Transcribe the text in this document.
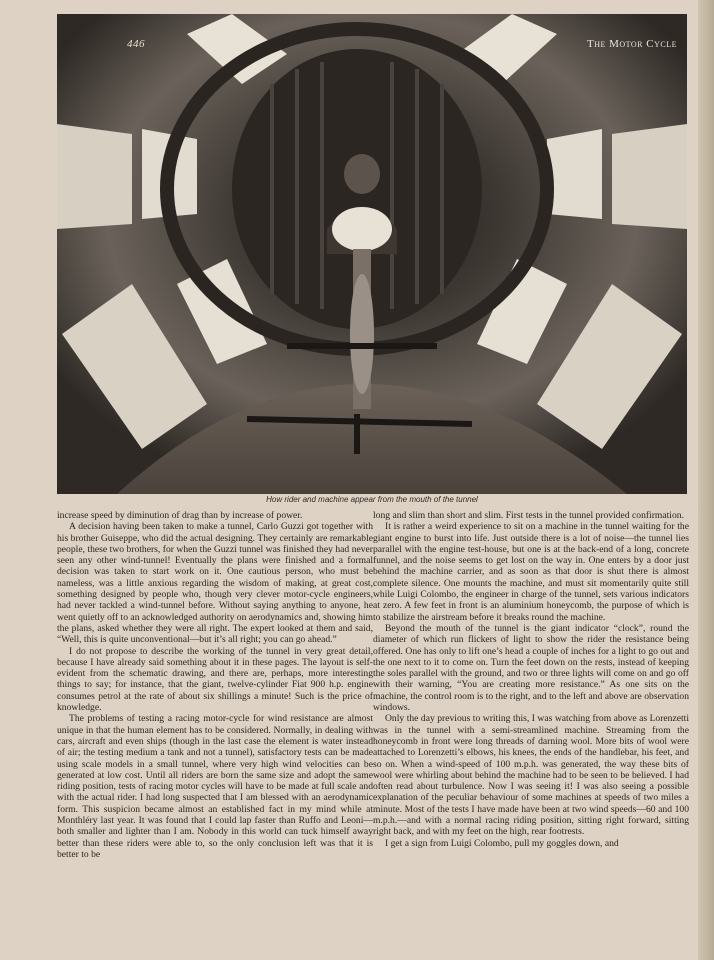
446	The Motor Cycle
How rider and machine appear from the mouth of the tunnel

increase speed by diminution of drag than by increase of power.

A decision having been taken to make a tunnel, Carlo Guzzi got together with his brother Guiseppe, who did the actual designing. They certainly are remarkable people, these two brothers, for when the Guzzi tunnel was finished they had never seen any other wind-tunnel! Eventually the plans were finished and a formal decision was taken to start work on it. One cautious person, who must be nameless, was a little anxious regarding the wisdom of making, at great cost, something designed by people who, though very clever motor-cycle engineers, had never tackled a wind-tunnel before. Without saying anything to anyone, he went quietly off to an acknowledged authority on aerodynamics and, showing him the plans, asked whether they were all right. The expert looked at them and said, “Well, this is quite unconventional—but it’s all right; you can go ahead.”

I do not propose to describe the working of the tunnel in very great detail, because I have already said something about it in these pages. The layout is self-evident from the schematic drawing, and there are, perhaps, more interesting things to say; for instance, that the giant, twelve-cylinder Fiat 900 h.p. engine consumes petrol at the rate of about six shillings a minute! Such is the price of knowledge.

The problems of testing a racing motor-cycle for wind resistance are almost unique in that the human element has to be considered. Normally, in dealing with cars, aircraft and even ships (though in the last case the element is water instead of air; the testing medium a tank and not a tunnel), satisfactory tests can be made using scale models in a small tunnel, where very high wind velocities can be generated at low cost. Until all riders are born the same size and adopt the same riding position, tests of racing motor cycles will have to be made at full scale and with the actual rider. I had long suspected that I am blessed with an aerodynamic form. This suspicion became almost an established fact in my mind while at Monthléry last year. It was found that I could lap faster than Ruffo and Leoni—both smaller and lighter than I am. Nobody in this world can tuck himself away better than these riders were able to, so the only conclusion left was that it is better to be

long and slim than short and slim. First tests in the tunnel provided confirmation.

It is rather a weird experience to sit on a machine in the tunnel waiting for the giant engine to burst into life. Just outside there is a lot of noise—the tunnel lies parallel with the engine test-house, but one is at the back-end of a long, concrete funnel, and the noise seems to get lost on the way in. One enters by a door just behind the machine carrier, and as soon as that door is shut there is almost complete silence. One mounts the machine, and must sit momentarily quite still while Luigi Colombo, the engineer in charge of the tunnel, sets various indicators at zero. A few feet in front is an aluminium honeycomb, the purpose of which is to stabilize the airstream before it breaks round the machine.

Beyond the mouth of the tunnel is the giant indicator “clock”, round the diameter of which run flickers of light to show the rider the resistance being offered. One has only to lift one’s head a couple of inches for a light to go out and the one next to it to come on. Turn the feet down on the rests, instead of keeping the soles parallel with the ground, and two or three lights will come on and go off with their warning, “You are creating more resistance.” As one sits on the machine, the control room is to the right, and to the left and above are observation windows.

Only the day previous to writing this, I was watching from above as Lorenzetti was in the tunnel with a semi-streamlined machine. Streaming from the honeycomb in front were long threads of darning wool. More bits of wool were attached to Lorenzetti’s elbows, his knees, the ends of the handlebar, his feet, and so on. When a wind-speed of 100 m.p.h. was generated, the way these bits of wool were whirling about behind the machine had to be seen to be believed. I had often read about turbulence. Now I was seeing it! I was also seeing a possible explanation of the peculiar behaviour of some machines at speeds of two miles a minute. Most of the tests I have made have been at two wind speeds—60 and 100 m.p.h.—and with a normal racing riding position, sitting right forward, sitting right back, and with my feet on the high, rear footrests.

I get a sign from Luigi Colombo, pull my goggles down, and
